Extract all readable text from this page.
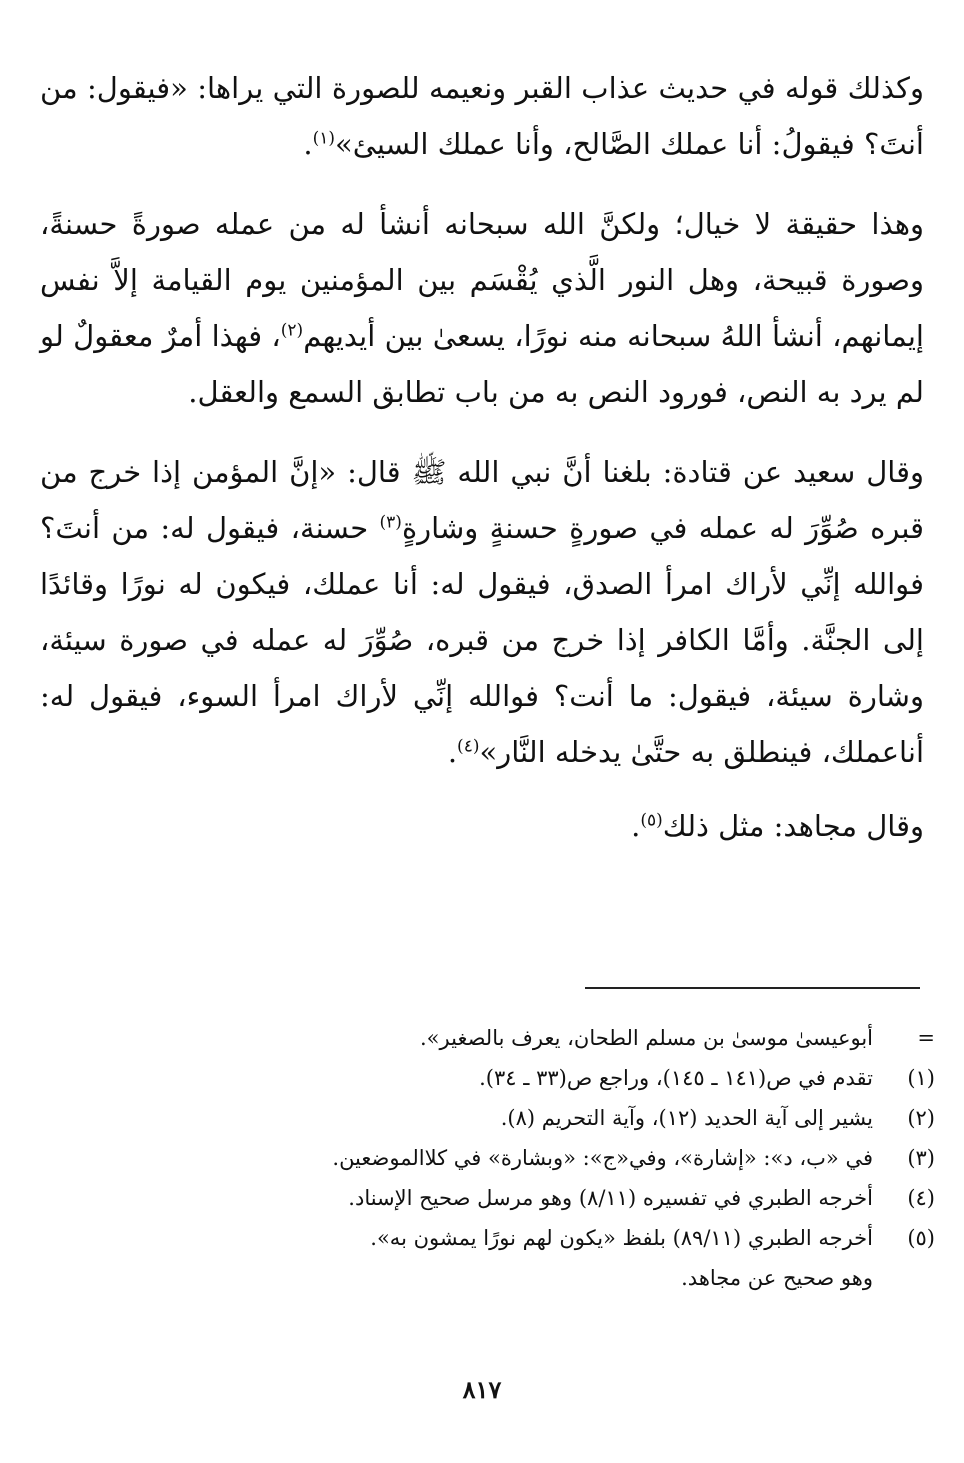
وكذلك قوله في حديث عذاب القبر ونعيمه للصورة التي يراها: «فيقول: من أنتَ؟ فيقولُ: أنا عملك الصَّالح، وأنا عملك السيئ»$^{(١)}$.

وهذا حقيقة لا خيال؛ ولكنَّ الله سبحانه أنشأ له من عمله صورةً حسنةً، وصورة قبيحة، وهل النور الَّذي يُقْسَم بين المؤمنين يوم القيامة إلاَّ نفس إيمانهم، أنشأ اللهُ سبحانه منه نورًا، يسعىٰ بين أيديهم$^{(٢)}$، فهذا أمرٌ معقولٌ لو لم يرد به النص، فورود النص به من باب تطابق السمع والعقل.

وقال سعيد عن قتادة: بلغنا أنَّ نبي الله ﷺ قال: «إنَّ المؤمن إذا خرج من قبره صُوِّرَ له عمله في صورةٍ حسنةٍ وشارةٍ$^{(٣)}$ حسنة، فيقول له: من أنتَ؟ فوالله إنِّي لأراك امرأ الصدق، فيقول له: أنا عملك، فيكون له نورًا وقائدًا إلى الجنَّة. وأمَّا الكافر إذا خرج من قبره، صُوِّرَ له عمله في صورة سيئة، وشارة سيئة، فيقول: ما أنت؟ فوالله إنِّي لأراك امرأ السوء، فيقول له: أناعملك، فينطلق به حتَّىٰ يدخله النَّار»$^{(٤)}$.

وقال مجاهد: مثل ذلك$^{(٥)}$.

=
أبوعيسىٰ موسىٰ بن مسلم الطحان، يعرف بالصغير».
(١)
تقدم في ص(١٤١ ـ ١٤٥)، وراجع ص(٣٣ ـ ٣٤).
(٢)
يشير إلى آية الحديد (١٢)، وآية التحريم (٨).
(٣)
في «ب، د»: «إشارة»، وفي«ج»: «وبشارة» في كلاالموضعين.
(٤)
أخرجه الطبري في تفسيره (٨/١١) وهو مرسل صحيح الإسناد.
(٥)
أخرجه الطبري (٨٩/١١) بلفظ «يكون لهم نورًا يمشون به».
وهو صحيح عن مجاهد.
٨١٧
